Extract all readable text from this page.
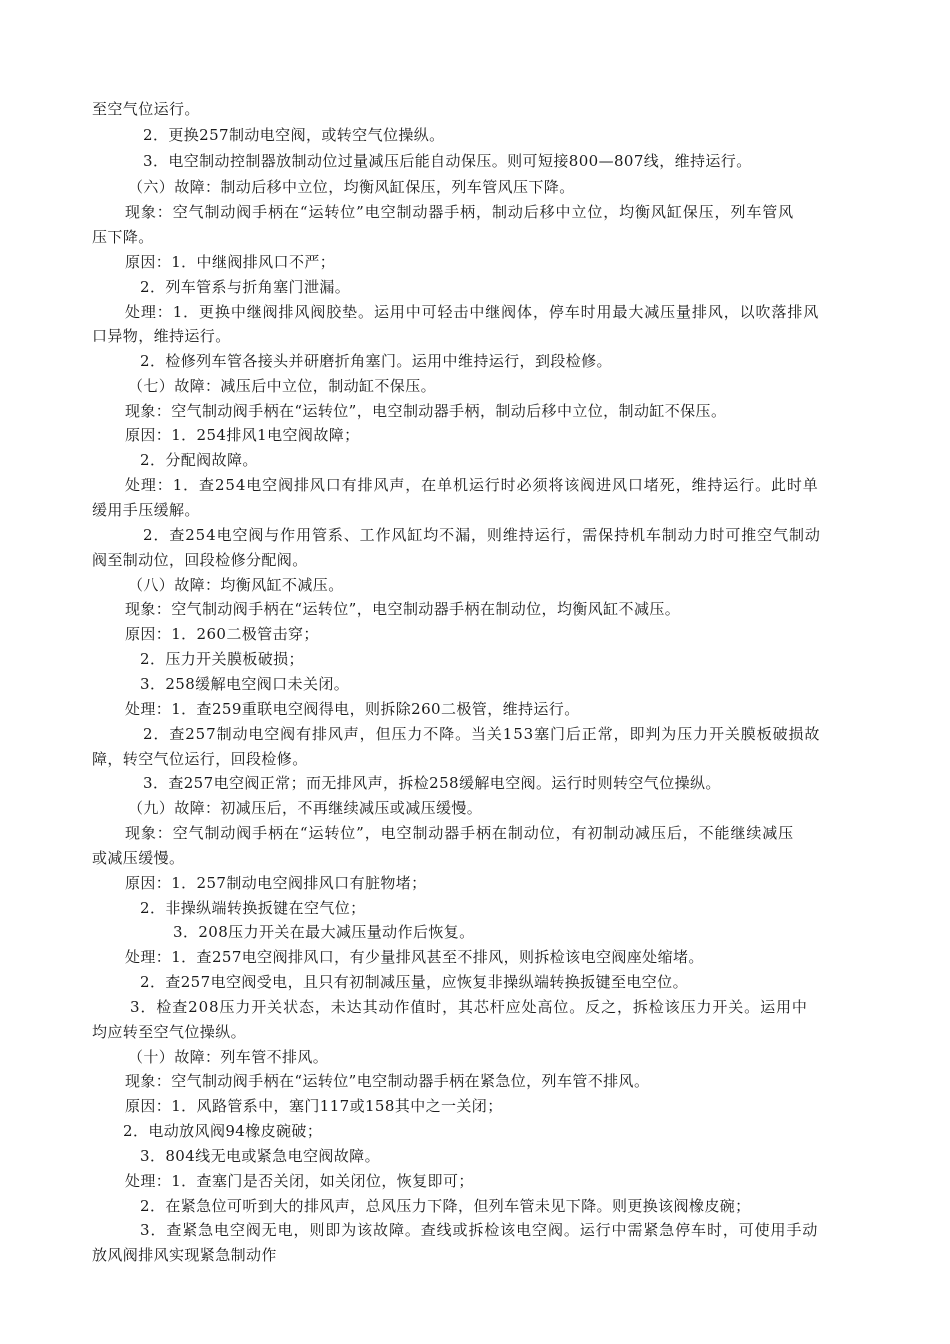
至空气位运行。
2．更换257制动电空阀，或转空气位操纵。
3．电空制动控制器放制动位过量减压后能自动保压。则可短接800—807线，维持运行。
（六）故障：制动后移中立位，均衡风缸保压，列车管风压下降。
现象：空气制动阀手柄在“运转位”电空制动器手柄，制动后移中立位，均衡风缸保压，列车管风
压下降。
原因：1．中继阀排风口不严；
2．列车管系与折角塞门泄漏。
处理：1．更换中继阀排风阀胶垫。运用中可轻击中继阀体，停车时用最大减压量排风，以吹落排风
口异物，维持运行。
2．检修列车管各接头并研磨折角塞门。运用中维持运行，到段检修。
（七）故障：减压后中立位，制动缸不保压。
现象：空气制动阀手柄在“运转位”，电空制动器手柄，制动后移中立位，制动缸不保压。
原因：1．254排风1电空阀故障；
2．分配阀故障。
处理：1．查254电空阀排风口有排风声，在单机运行时必须将该阀进风口堵死，维持运行。此时单
缓用手压缓解。
2．查254电空阀与作用管系、工作风缸均不漏，则维持运行，需保持机车制动力时可推空气制动
阀至制动位，回段检修分配阀。
（八）故障：均衡风缸不减压。
现象：空气制动阀手柄在“运转位”，电空制动器手柄在制动位，均衡风缸不减压。
原因：1．260二极管击穿；
2．压力开关膜板破损；
3．258缓解电空阀口未关闭。
处理：1．查259重联电空阀得电，则拆除260二极管，维持运行。
2．查257制动电空阀有排风声，但压力不降。当关153塞门后正常，即判为压力开关膜板破损故
障，转空气位运行，回段检修。
3．查257电空阀正常；而无排风声，拆检258缓解电空阀。运行时则转空气位操纵。
（九）故障：初减压后，不再继续减压或减压缓慢。
现象：空气制动阀手柄在“运转位”，电空制动器手柄在制动位，有初制动减压后，不能继续减压
或减压缓慢。
原因：1．257制动电空阀排风口有脏物堵；
2．非操纵端转换扳键在空气位；
3．208压力开关在最大减压量动作后恢复。
处理：1．查257电空阀排风口，有少量排风甚至不排风，则拆检该电空阀座处缩堵。
2．查257电空阀受电，且只有初制减压量，应恢复非操纵端转换扳键至电空位。
3．检查208压力开关状态，未达其动作值时，其芯杆应处高位。反之，拆检该压力开关。运用中
均应转至空气位操纵。
（十）故障：列车管不排风。
现象：空气制动阀手柄在“运转位”电空制动器手柄在紧急位，列车管不排风。
原因：1．风路管系中，塞门117或158其中之一关闭；
2．电动放风阀94橡皮碗破；
3．804线无电或紧急电空阀故障。
处理：1．查塞门是否关闭，如关闭位，恢复即可；
2．在紧急位可听到大的排风声，总风压力下降，但列车管未见下降。则更换该阀橡皮碗；
3．查紧急电空阀无电，则即为该故障。查线或拆检该电空阀。运行中需紧急停车时，可使用手动
放风阀排风实现紧急制动作
